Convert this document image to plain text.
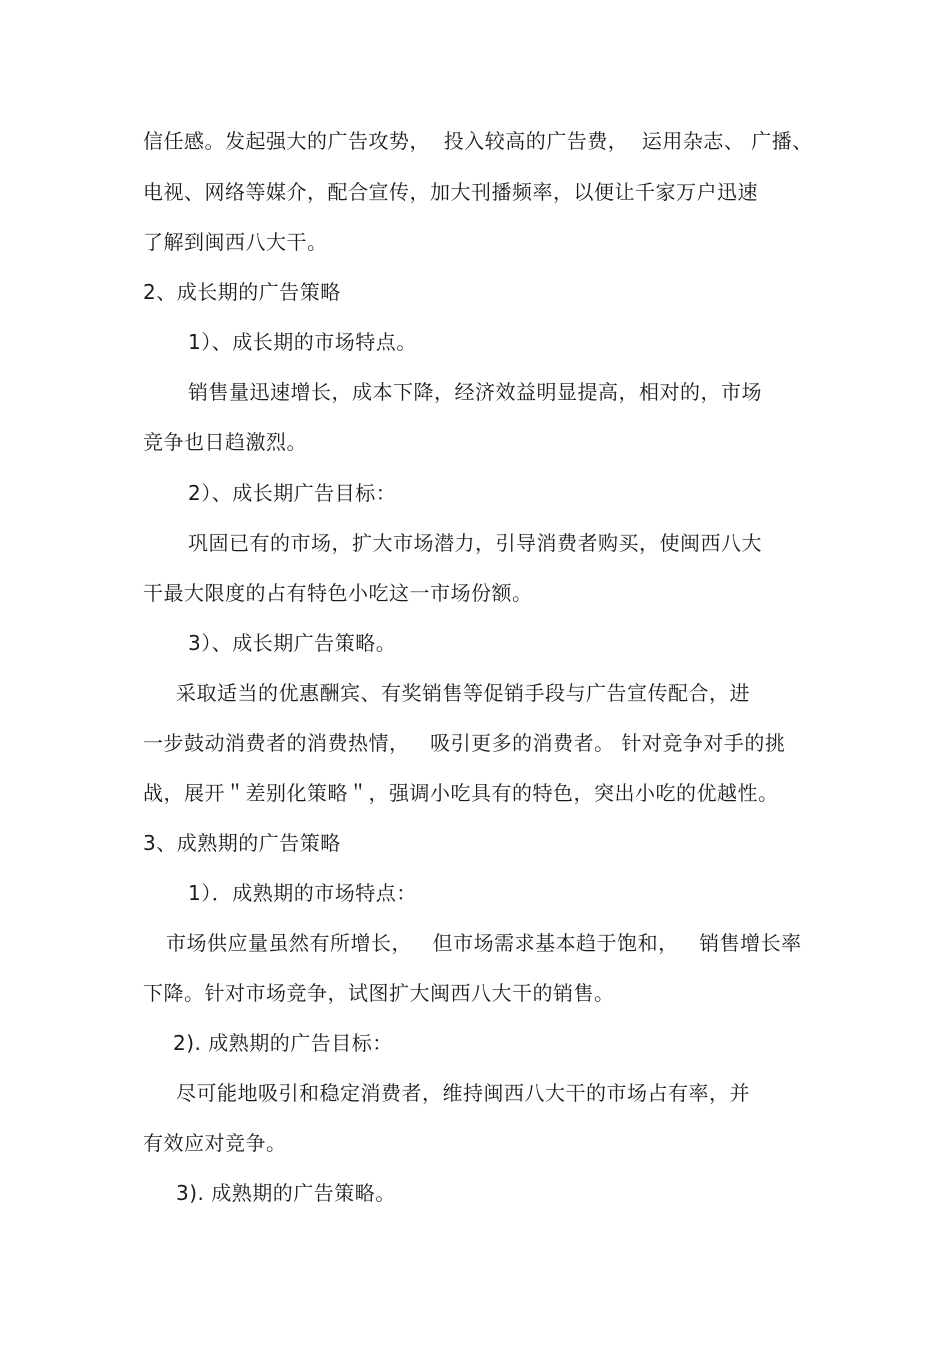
信任感。发起强大的广告攻势，  投入较高的广告费，  运用杂志、 广播、
电视、网络等媒介，配合宣传，加大刊播频率，以便让千家万户迅速
了解到闽西八大干。
2、成长期的广告策略
1）、成长期的市场特点。
销售量迅速增长，成本下降，经济效益明显提高，相对的，市场
竞争也日趋激烈。
2）、成长期广告目标：
巩固已有的市场，扩大市场潜力，引导消费者购买，使闽西八大
干最大限度的占有特色小吃这一市场份额。
3）、成长期广告策略。
采取适当的优惠酬宾、有奖销售等促销手段与广告宣传配合，进
一步鼓动消费者的消费热情，   吸引更多的消费者。 针对竞争对手的挑
战，展开＂差别化策略＂，强调小吃具有的特色，突出小吃的优越性。
3、成熟期的广告策略
1）．成熟期的市场特点：
市场供应量虽然有所增长，   但市场需求基本趋于饱和，   销售增长率
下降。针对市场竞争，试图扩大闽西八大干的销售。
2). 成熟期的广告目标：
尽可能地吸引和稳定消费者，维持闽西八大干的市场占有率，并
有效应对竞争。
3). 成熟期的广告策略。
